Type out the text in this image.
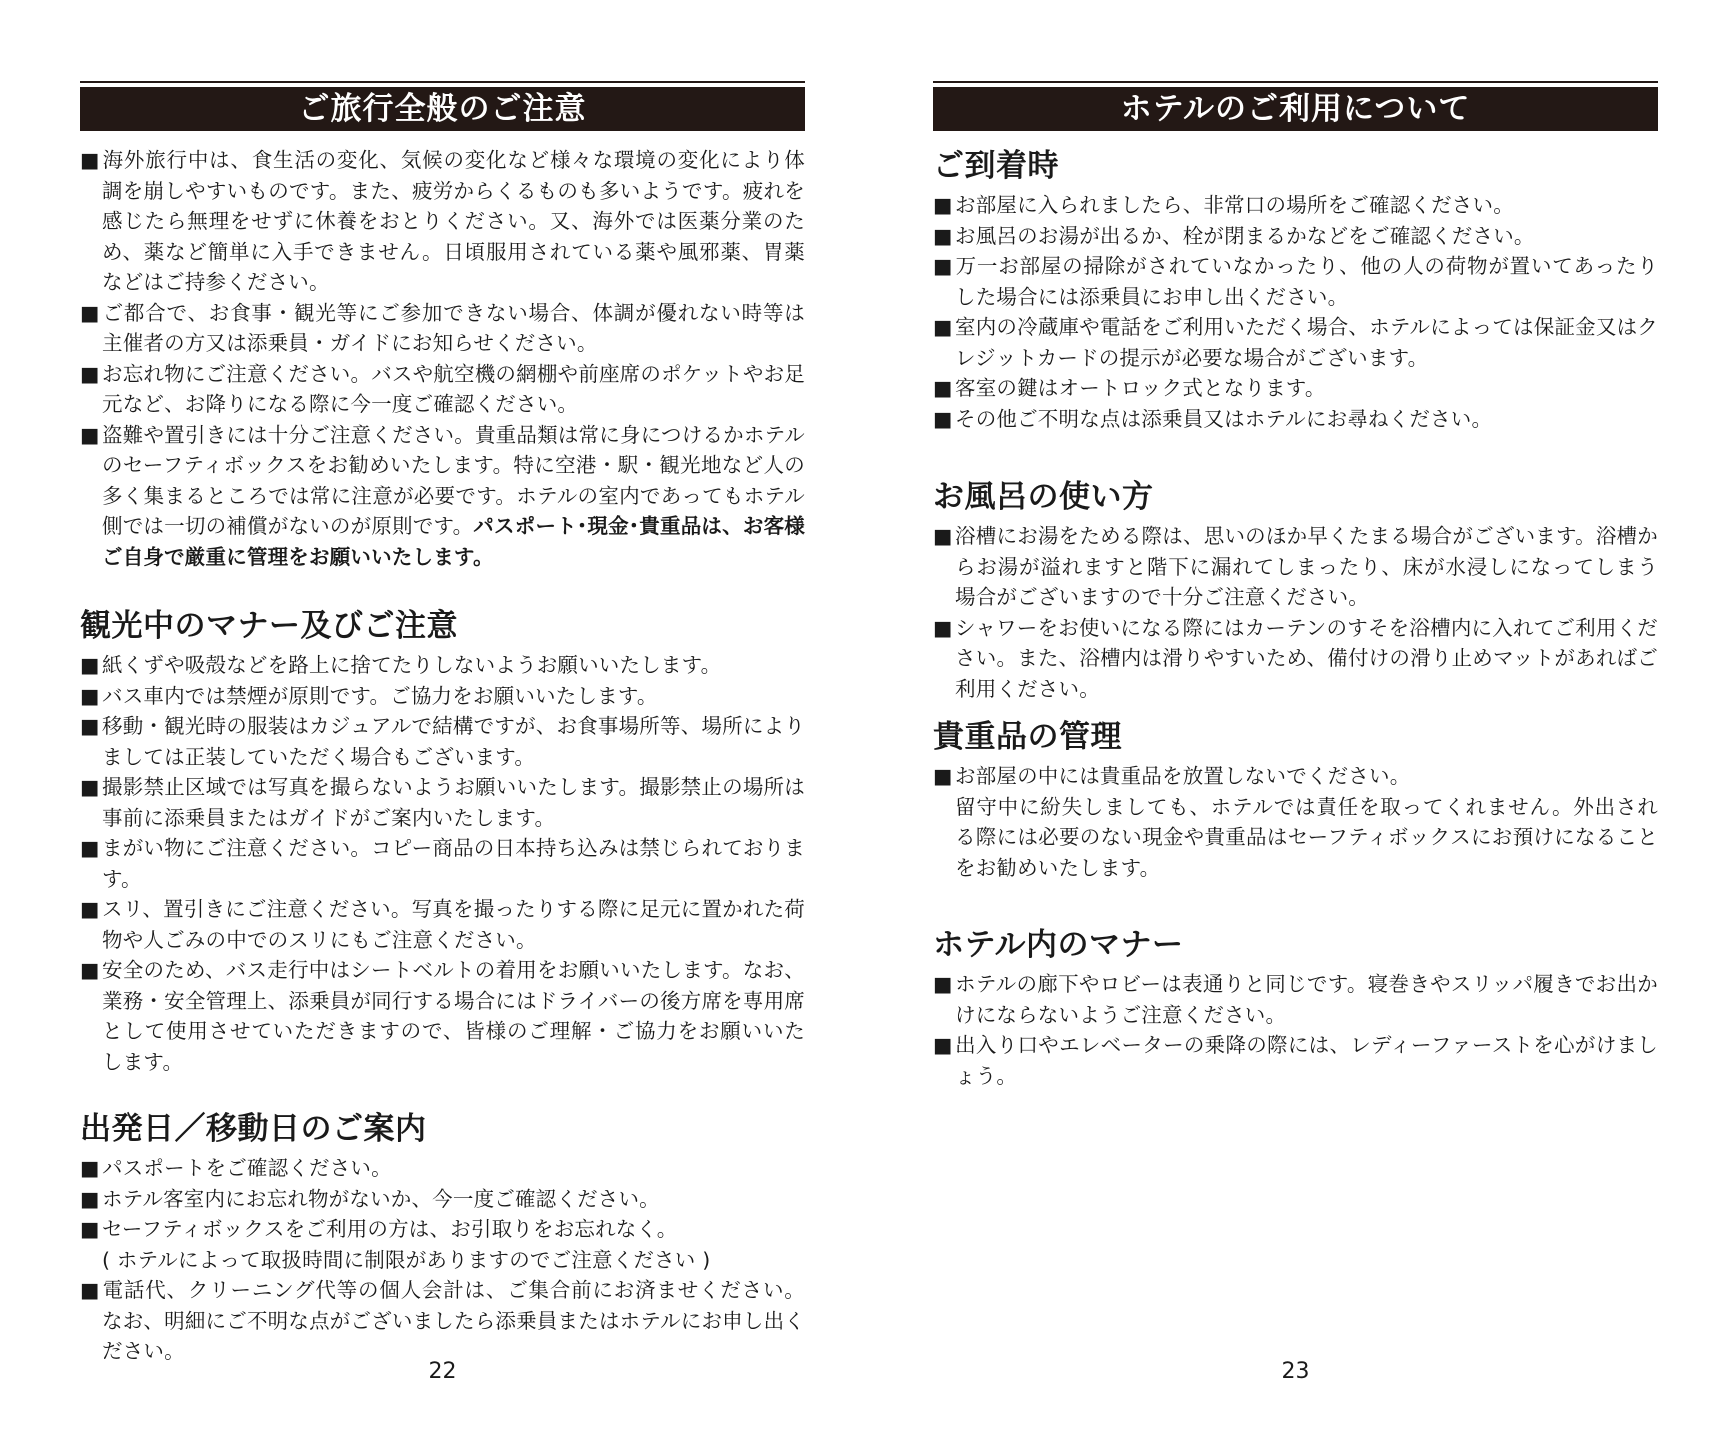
ご旅行全般のご注意

■ 海外旅行中は、食生活の変化、気候の変化など様々な環境の変化により体調を崩しやすいものです。また、疲労からくるものも多いようです。疲れを感じたら無理をせずに休養をおとりください。又、海外では医薬分業のため、薬など簡単に入手できません。日頃服用されている薬や風邪薬、胃薬などはご持参ください。

■ ご都合で、お食事・観光等にご参加できない場合、体調が優れない時等は主催者の方又は添乗員・ガイドにお知らせください。

■ お忘れ物にご注意ください。バスや航空機の網棚や前座席のポケットやお足元など、お降りになる際に今一度ご確認ください。

■ 盗難や置引きには十分ご注意ください。貴重品類は常に身につけるかホテルのセーフティボックスをお勧めいたします。特に空港・駅・観光地など人の多く集まるところでは常に注意が必要です。ホテルの室内であってもホテル側では一切の補償がないのが原則です。パスポート･現金･貴重品は、お客様ご自身で厳重に管理をお願いいたします。

観光中のマナー及びご注意

■ 紙くずや吸殻などを路上に捨てたりしないようお願いいたします。

■ バス車内では禁煙が原則です。ご協力をお願いいたします。

■ 移動・観光時の服装はカジュアルで結構ですが、お食事場所等、場所によりましては正装していただく場合もございます。

■ 撮影禁止区域では写真を撮らないようお願いいたします。撮影禁止の場所は事前に添乗員またはガイドがご案内いたします。

■ まがい物にご注意ください。コピー商品の日本持ち込みは禁じられております。

■ スリ、置引きにご注意ください。写真を撮ったりする際に足元に置かれた荷物や人ごみの中でのスリにもご注意ください。

■ 安全のため、バス走行中はシートベルトの着用をお願いいたします。なお、業務・安全管理上、添乗員が同行する場合にはドライバーの後方席を専用席として使用させていただきますので、皆様のご理解・ご協力をお願いいたします。

出発日／移動日のご案内

■ パスポートをご確認ください。

■ ホテル客室内にお忘れ物がないか、今一度ご確認ください。

■ セーフティボックスをご利用の方は、お引取りをお忘れなく。

( ホテルによって取扱時間に制限がありますのでご注意ください )

■ 電話代、クリーニング代等の個人会計は、ご集合前にお済ませください。なお、明細にご不明な点がございましたら添乗員またはホテルにお申し出ください。

22
ホテルのご利用について
ご到着時

■ お部屋に入られましたら、非常口の場所をご確認ください。

■ お風呂のお湯が出るか、栓が閉まるかなどをご確認ください。

■ 万一お部屋の掃除がされていなかったり、他の人の荷物が置いてあったりした場合には添乗員にお申し出ください。

■ 室内の冷蔵庫や電話をご利用いただく場合、ホテルによっては保証金又はクレジットカードの提示が必要な場合がございます。

■ 客室の鍵はオートロック式となります。

■ その他ご不明な点は添乗員又はホテルにお尋ねください。

お風呂の使い方

■ 浴槽にお湯をためる際は、思いのほか早くたまる場合がございます。浴槽からお湯が溢れますと階下に漏れてしまったり、床が水浸しになってしまう場合がございますので十分ご注意ください。

■ シャワーをお使いになる際にはカーテンのすそを浴槽内に入れてご利用ください。また、浴槽内は滑りやすいため、備付けの滑り止めマットがあればご利用ください。

貴重品の管理

■ お部屋の中には貴重品を放置しないでください。

留守中に紛失しましても、ホテルでは責任を取ってくれません。外出される際には必要のない現金や貴重品はセーフティボックスにお預けになることをお勧めいたします。

ホテル内のマナー

■ ホテルの廊下やロビーは表通りと同じです。寝巻きやスリッパ履きでお出かけにならないようご注意ください。

■ 出入り口やエレベーターの乗降の際には、レディーファーストを心がけましょう。

23
